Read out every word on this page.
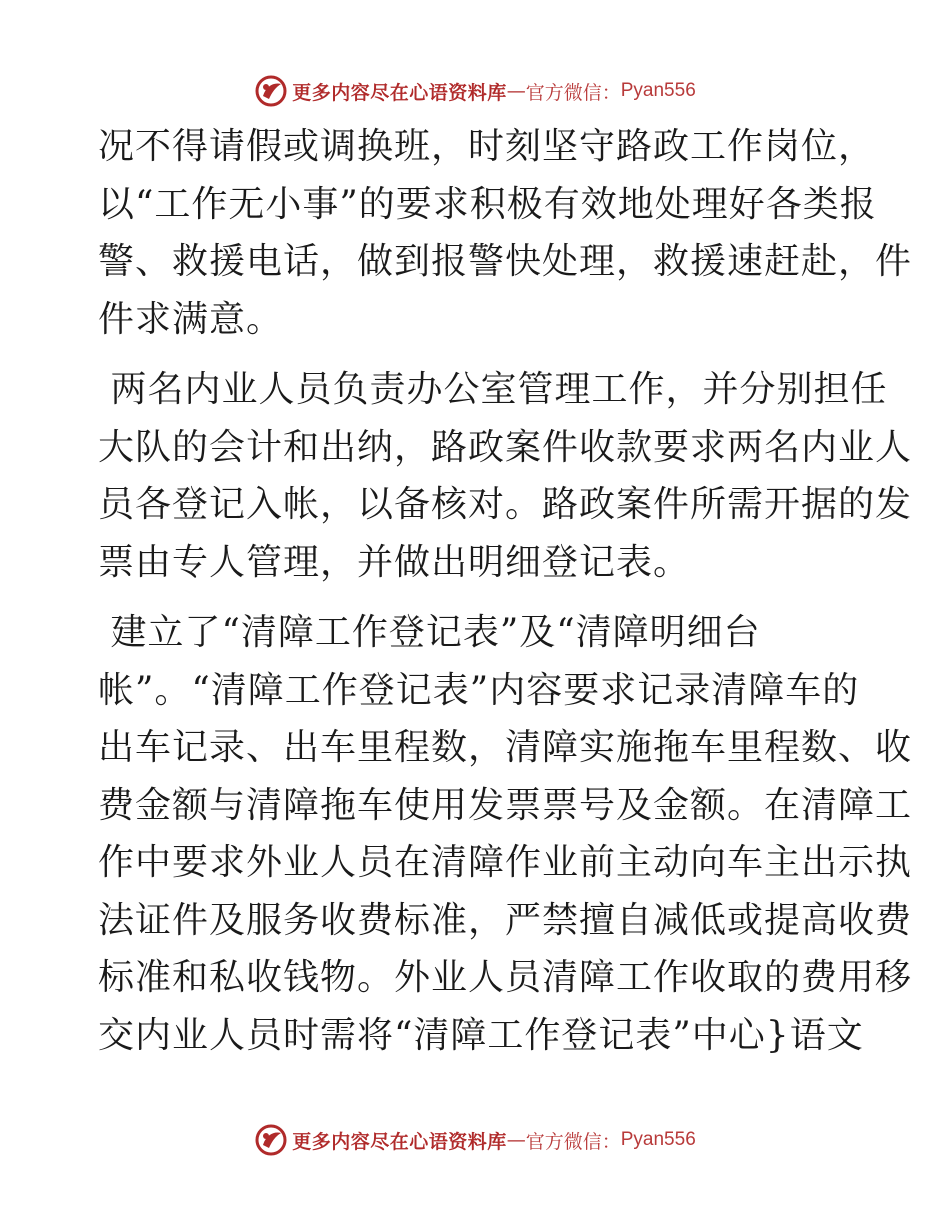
更多内容尽在心语资料库 — 官方微信： Pyan556
况不得请假或调换班，时刻坚守路政工作岗位，
以“工作无小事”的要求积极有效地处理好各类报
警、救援电话，做到报警快处理，救援速赶赴，件
件求满意。
两名内业人员负责办公室管理工作，并分别担任
大队的会计和出纳，路政案件收款要求两名内业人
员各登记入帐，以备核对。路政案件所需开据的发
票由专人管理，并做出明细登记表。
建立了“清障工作登记表”及“清障明细台
帐”。“清障工作登记表”内容要求记录清障车的
出车记录、出车里程数，清障实施拖车里程数、收
费金额与清障拖车使用发票票号及金额。在清障工
作中要求外业人员在清障作业前主动向车主出示执
法证件及服务收费标准，严禁擅自减低或提高收费
标准和私收钱物。外业人员清障工作收取的费用移
交内业人员时需将“清障工作登记表”中心}语文
更多内容尽在心语资料库 — 官方微信： Pyan556
